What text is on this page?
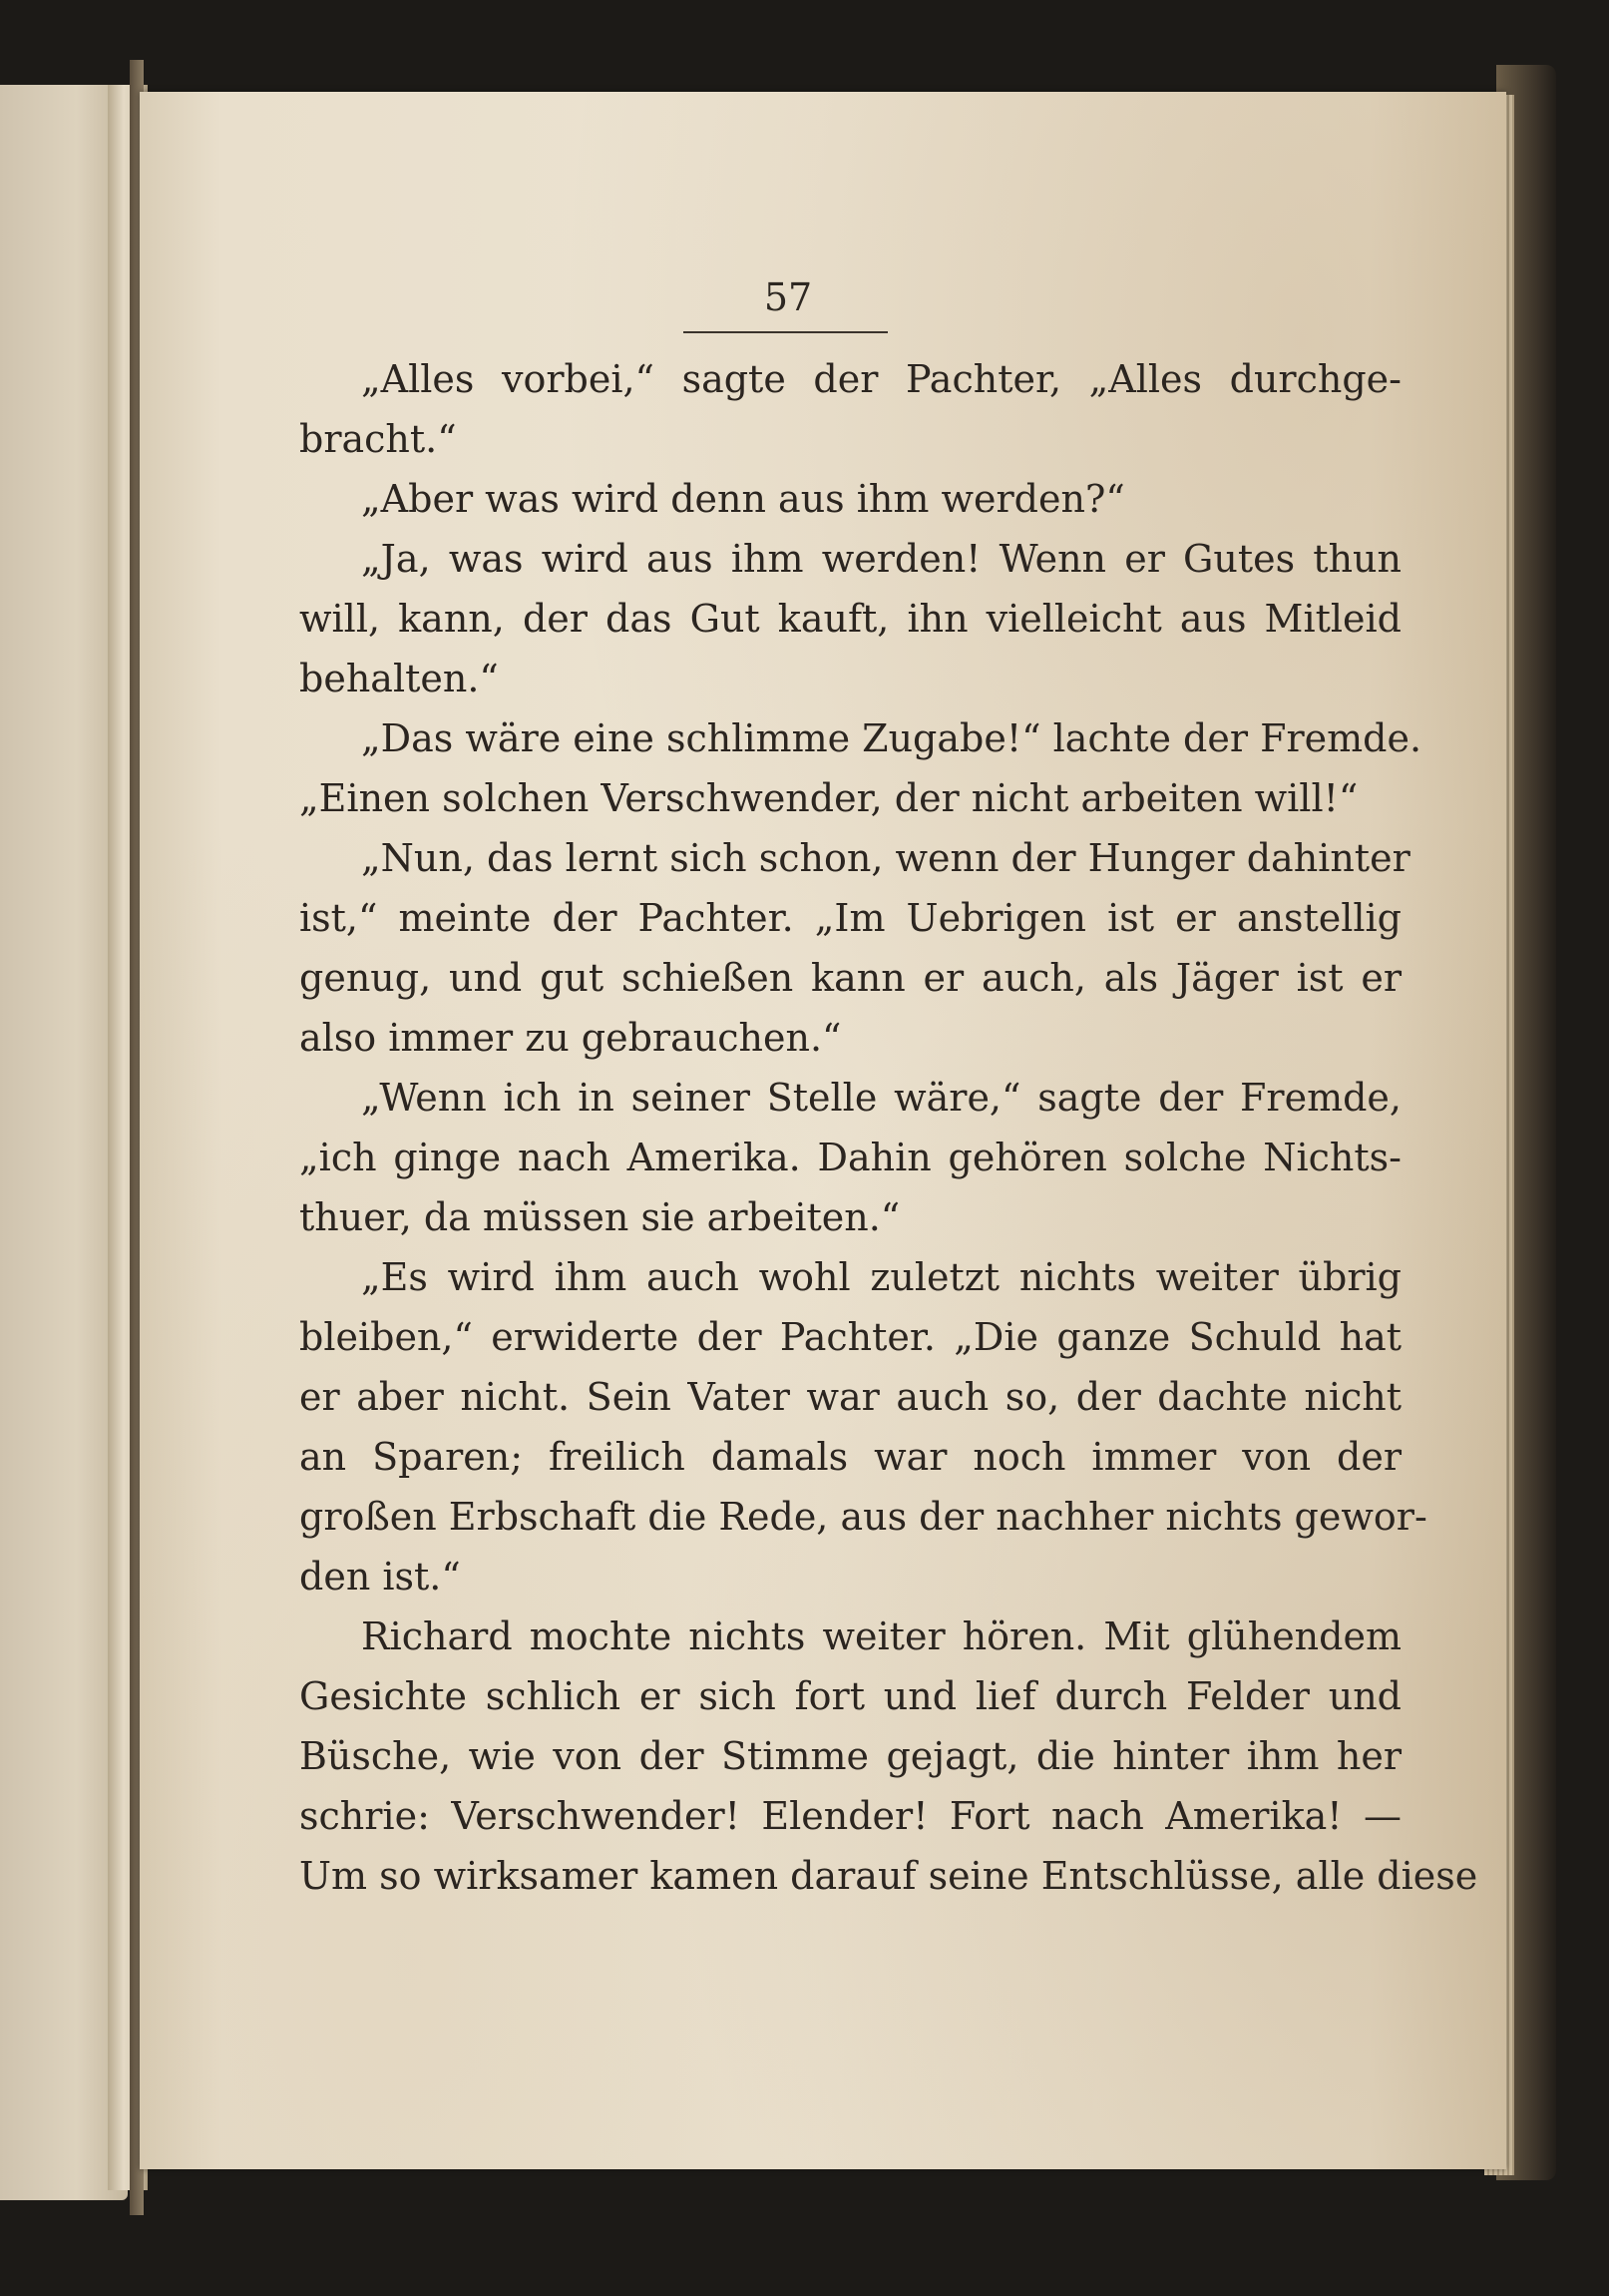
57
„Alles vorbei,“ sagte der Pachter, „Alles durchge-
bracht.“
„Aber was wird denn aus ihm werden?“
„Ja, was wird aus ihm werden! Wenn er Gutes thun
will, kann, der das Gut kauft, ihn vielleicht aus Mitleid
behalten.“
„Das wäre eine schlimme Zugabe!“ lachte der Fremde.
„Einen solchen Verschwender, der nicht arbeiten will!“
„Nun, das lernt sich schon, wenn der Hunger dahinter
ist,“ meinte der Pachter. „Im Uebrigen ist er anstellig
genug, und gut schießen kann er auch, als Jäger ist er
also immer zu gebrauchen.“
„Wenn ich in seiner Stelle wäre,“ sagte der Fremde,
„ich ginge nach Amerika. Dahin gehören solche Nichts-
thuer, da müssen sie arbeiten.“
„Es wird ihm auch wohl zuletzt nichts weiter übrig
bleiben,“ erwiderte der Pachter. „Die ganze Schuld hat
er aber nicht. Sein Vater war auch so, der dachte nicht
an Sparen; freilich damals war noch immer von der
großen Erbschaft die Rede, aus der nachher nichts gewor-
den ist.“
Richard mochte nichts weiter hören. Mit glühendem
Gesichte schlich er sich fort und lief durch Felder und
Büsche, wie von der Stimme gejagt, die hinter ihm her
schrie: Verschwender! Elender! Fort nach Amerika! —
Um so wirksamer kamen darauf seine Entschlüsse, alle diese
